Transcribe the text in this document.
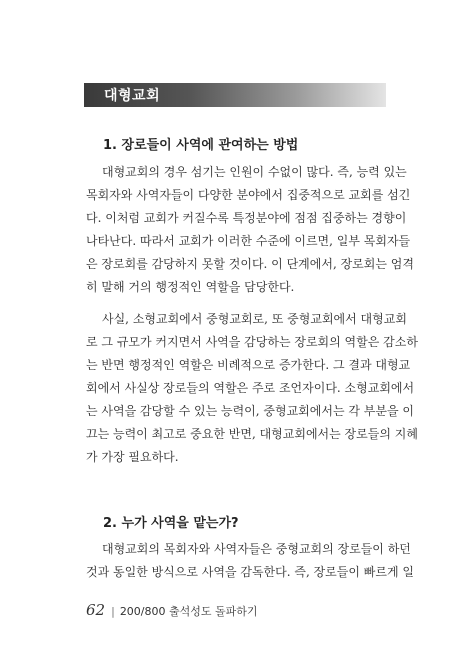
대형교회
1. 장로들이 사역에 관여하는 방법
대형교회의 경우 섬기는 인원이 수없이 많다. 즉, 능력 있는
목회자와 사역자들이 다양한 분야에서 집중적으로 교회를 섬긴
다. 이처럼 교회가 커질수록 특정분야에 점점 집중하는 경향이
나타난다. 따라서 교회가 이러한 수준에 이르면, 일부 목회자들
은 장로회를 감당하지 못할 것이다. 이 단계에서, 장로회는 엄격
히 말해 거의 행정적인 역할을 담당한다.
사실, 소형교회에서 중형교회로, 또 중형교회에서 대형교회
로 그 규모가 커지면서 사역을 감당하는 장로회의 역할은 감소하
는 반면 행정적인 역할은 비례적으로 증가한다. 그 결과 대형교
회에서 사실상 장로들의 역할은 주로 조언자이다. 소형교회에서
는 사역을 감당할 수 있는 능력이, 중형교회에서는 각 부분을 이
끄는 능력이 최고로 중요한 반면, 대형교회에서는 장로들의 지혜
가 가장 필요하다.
2. 누가 사역을 맡는가?
대형교회의 목회자와 사역자들은 중형교회의 장로들이 하던
것과 동일한 방식으로 사역을 감독한다. 즉, 장로들이 빠르게 일
62 | 200/800 출석성도 돌파하기
